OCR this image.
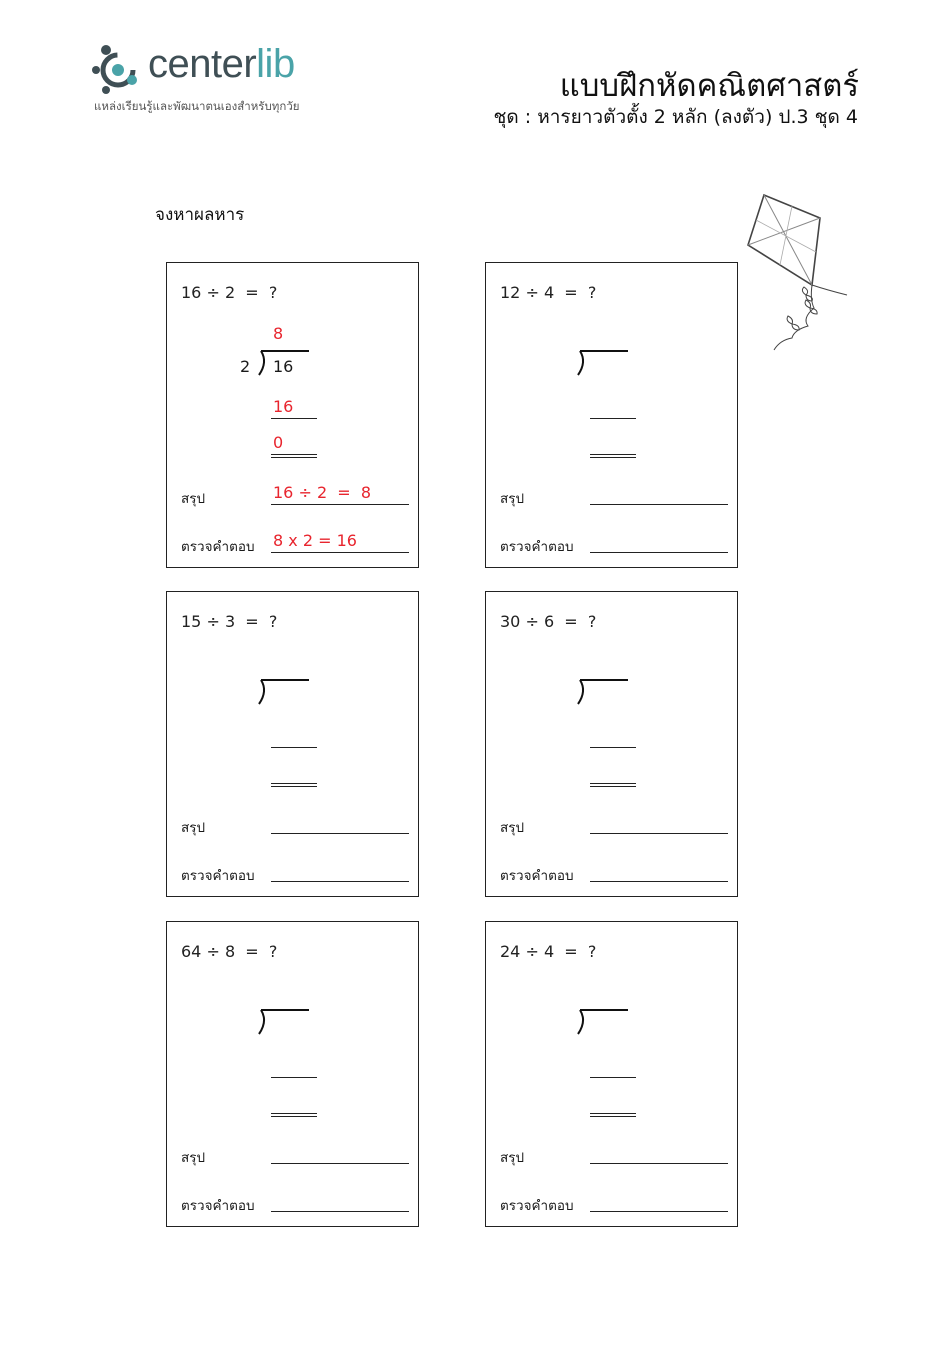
centerlib
แหล่งเรียนรู้และพัฒนาตนเองสำหรับทุกวัย
แบบฝึกหัดคณิตศาสตร์
ชุด : หารยาวตัวตั้ง 2 หลัก (ลงตัว) ป.3 ชุด 4
จงหาผลหาร
16 ÷ 2  =  ?
8
2 16
16
0
สรุป	16 ÷ 2  =  8
ตรวจคำตอบ 8 x 2 = 16
12 ÷ 4  =  ?
สรุป
ตรวจคำตอบ
15 ÷ 3  =  ?
สรุป
ตรวจคำตอบ
30 ÷ 6  =  ?
สรุป
ตรวจคำตอบ
64 ÷ 8  =  ?
สรุป
ตรวจคำตอบ
24 ÷ 4  =  ?
สรุป
ตรวจคำตอบ
